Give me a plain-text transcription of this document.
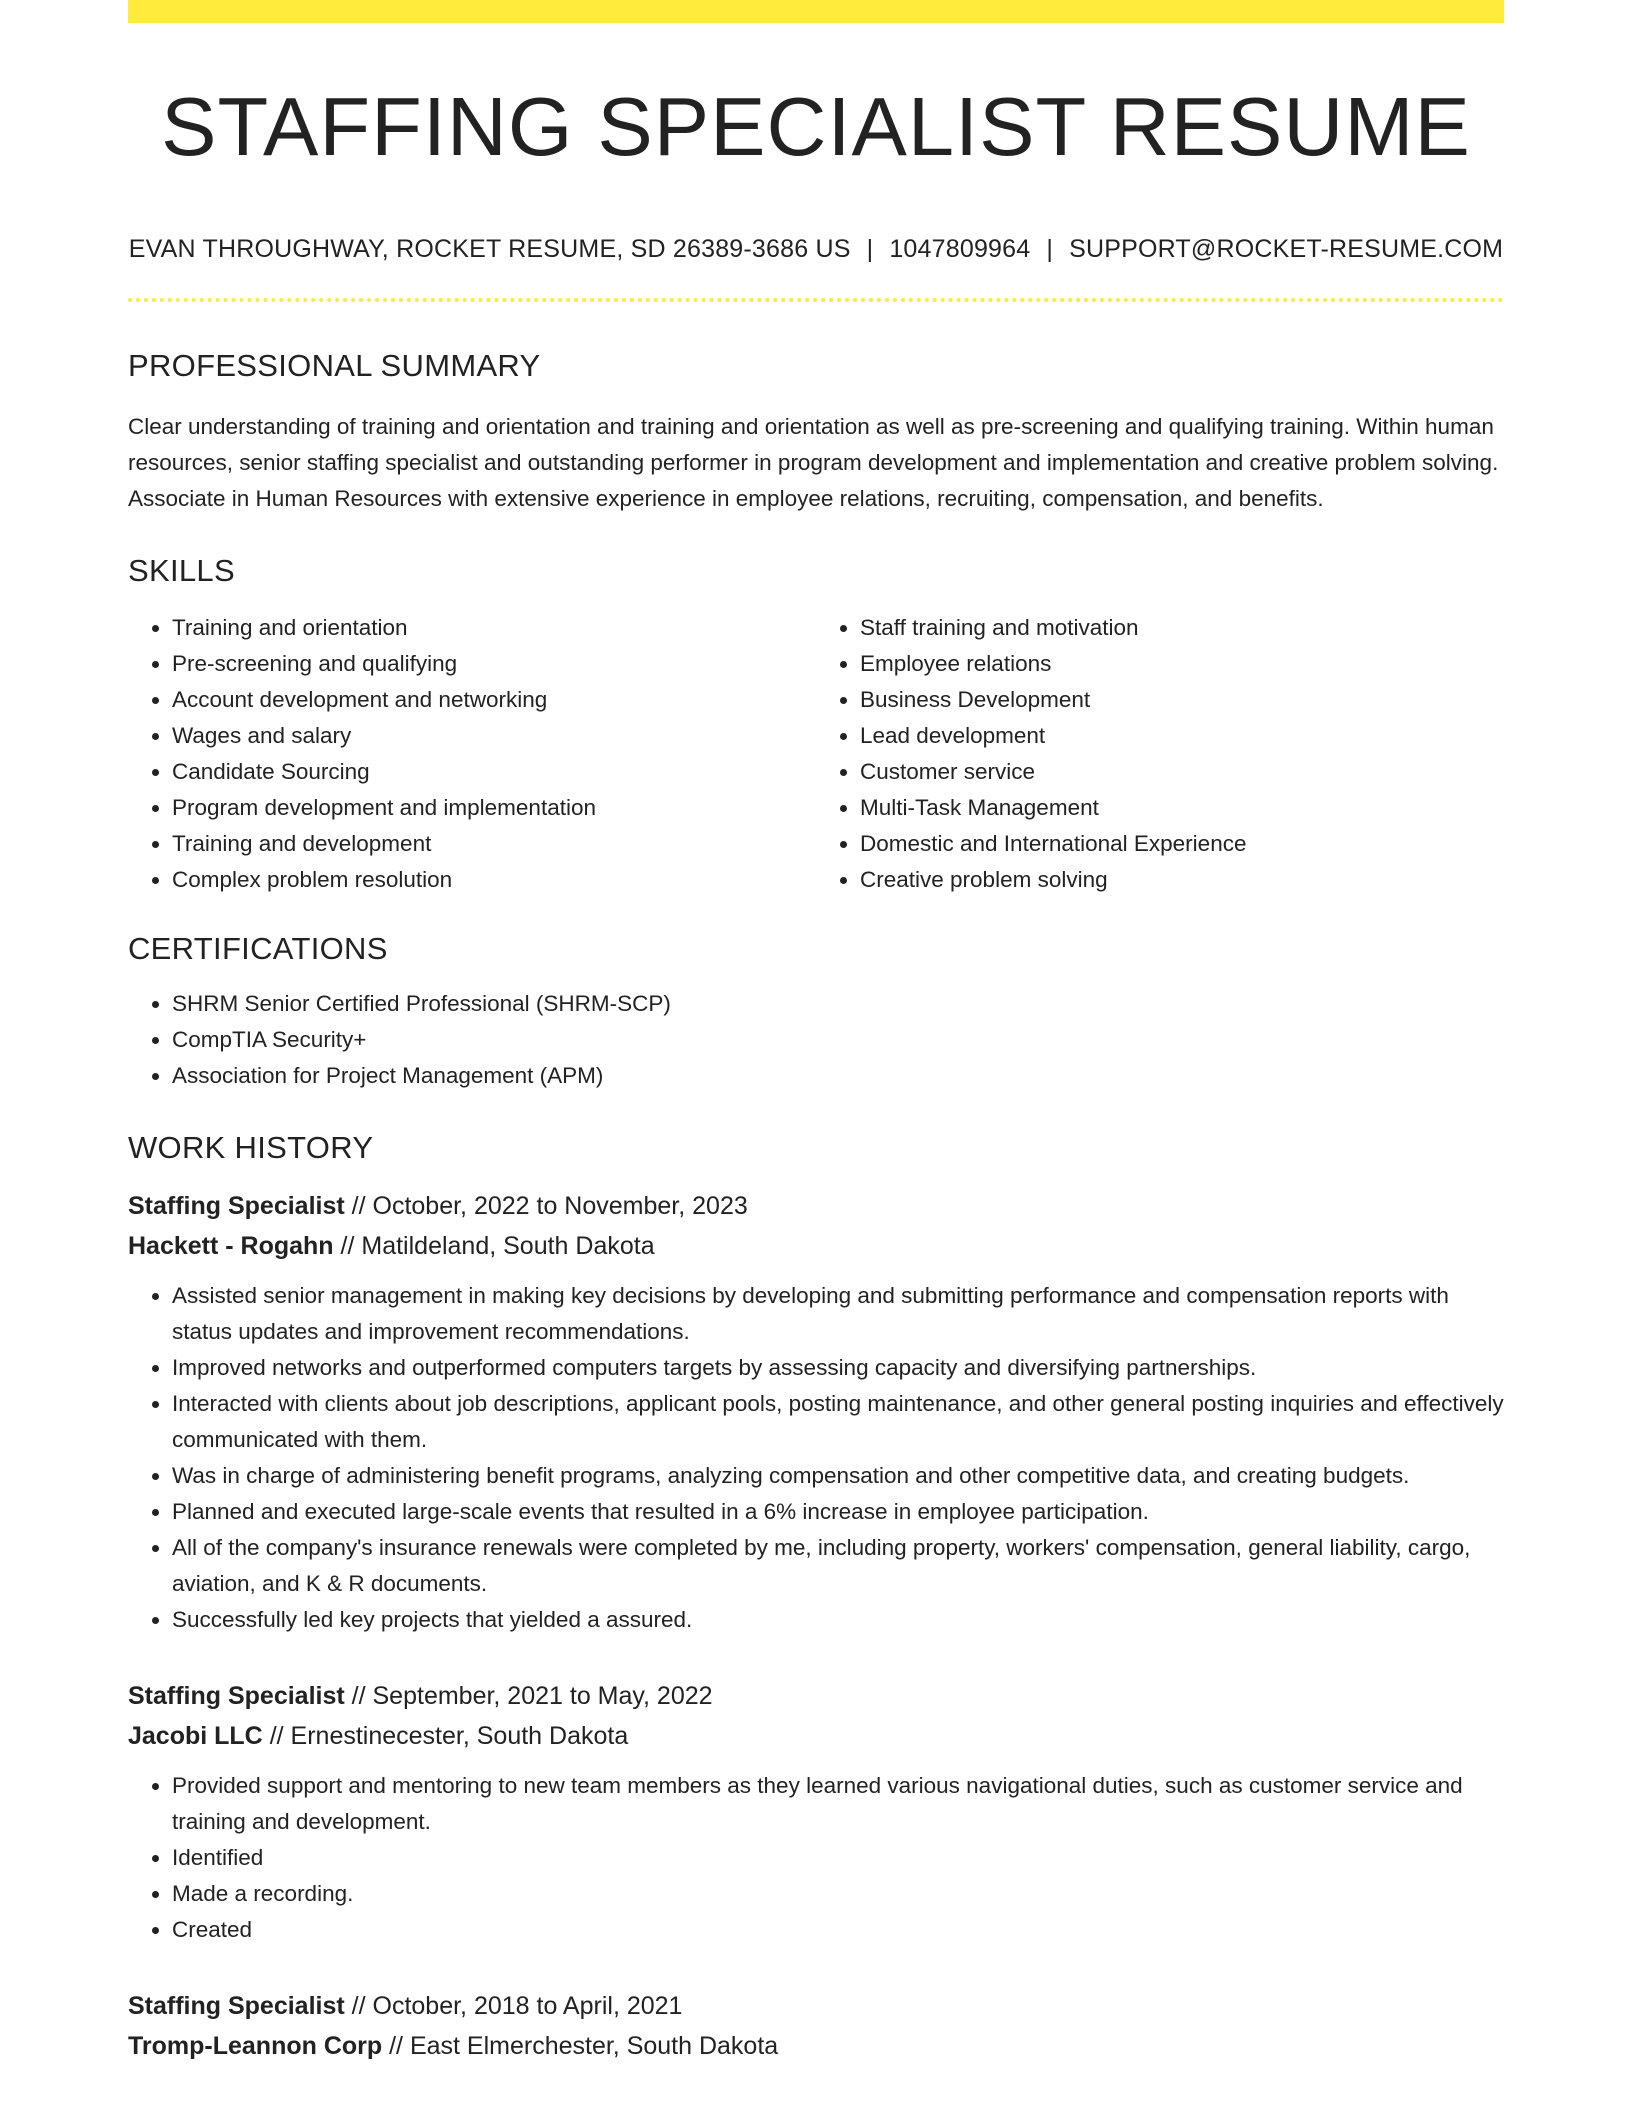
STAFFING SPECIALIST RESUME
EVAN THROUGHWAY, ROCKET RESUME, SD 26389-3686 US | 1047809964 | SUPPORT@ROCKET-RESUME.COM
PROFESSIONAL SUMMARY
Clear understanding of training and orientation and training and orientation as well as pre-screening and qualifying training. Within human resources, senior staffing specialist and outstanding performer in program development and implementation and creative problem solving. Associate in Human Resources with extensive experience in employee relations, recruiting, compensation, and benefits.
SKILLS
• Training and orientation
• Pre-screening and qualifying
• Account development and networking
• Wages and salary
• Candidate Sourcing
• Program development and implementation
• Training and development
• Complex problem resolution
• Staff training and motivation
• Employee relations
• Business Development
• Lead development
• Customer service
• Multi-Task Management
• Domestic and International Experience
• Creative problem solving
CERTIFICATIONS
• SHRM Senior Certified Professional (SHRM-SCP)
• CompTIA Security+
• Association for Project Management (APM)
WORK HISTORY
Staffing Specialist // October, 2022 to November, 2023
Hackett - Rogahn // Matildeland, South Dakota
• Assisted senior management in making key decisions by developing and submitting performance and compensation reports with status updates and improvement recommendations.
• Improved networks and outperformed computers targets by assessing capacity and diversifying partnerships.
• Interacted with clients about job descriptions, applicant pools, posting maintenance, and other general posting inquiries and effectively communicated with them.
• Was in charge of administering benefit programs, analyzing compensation and other competitive data, and creating budgets.
• Planned and executed large-scale events that resulted in a 6% increase in employee participation.
• All of the company's insurance renewals were completed by me, including property, workers' compensation, general liability, cargo, aviation, and K & R documents.
• Successfully led key projects that yielded a assured.
Staffing Specialist // September, 2021 to May, 2022
Jacobi LLC // Ernestinecester, South Dakota
• Provided support and mentoring to new team members as they learned various navigational duties, such as customer service and training and development.
• Identified
• Made a recording.
• Created
Staffing Specialist // October, 2018 to April, 2021
Tromp-Leannon Corp // East Elmerchester, South Dakota
